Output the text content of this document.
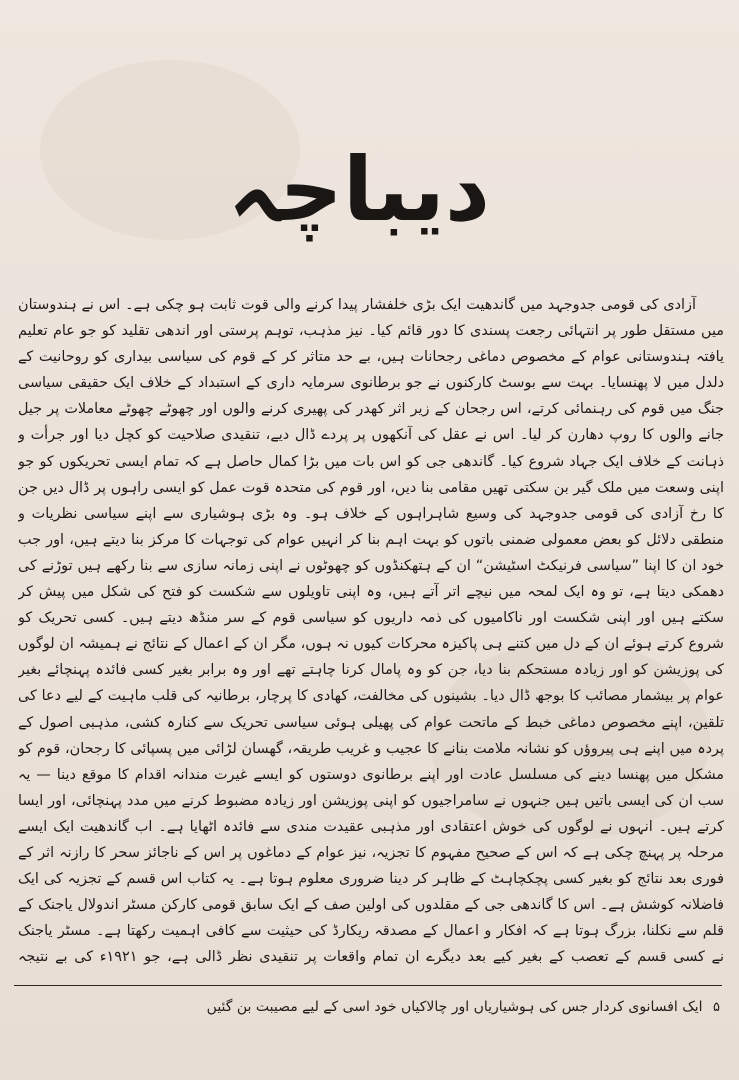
دیباچہ

آزادی کی قومی جدوجہد میں گاندھیت ایک بڑی خلفشار پیدا کرنے والی قوت ثابت ہو چکی ہے۔ اس نے ہندوستان میں مستقل طور پر انتہائی رجعت پسندی کا دور قائم کیا۔ نیز مذہب، توہم پرستی اور اندھی تقلید کو جو عام تعلیم یافتہ ہندوستانی عوام کے مخصوص دماغی رجحانات ہیں، بے حد متاثر کر کے قوم کی سیاسی بیداری کو روحانیت کے دلدل میں لا پھنسایا۔ بہت سے بوسٹ کارکنوں نے جو برطانوی سرمایہ داری کے استبداد کے خلاف ایک حقیقی سیاسی جنگ میں قوم کی رہنمائی کرتے، اس رجحان کے زیر اثر کھدر کی پھیری کرنے والوں اور چھوٹے چھوٹے معاملات پر جیل جانے والوں کا روپ دھارن کر لیا۔ اس نے عقل کی آنکھوں پر پردے ڈال دیے، تنقیدی صلاحیت کو کچل دیا اور جرأت و ذہانت کے خلاف ایک جہاد شروع کیا۔ گاندھی جی کو اس بات میں بڑا کمال حاصل ہے کہ تمام ایسی تحریکوں کو جو اپنی وسعت میں ملک گیر بن سکتی تھیں مقامی بنا دیں، اور قوم کی متحدہ قوت عمل کو ایسی راہوں پر ڈال دیں جن کا رخ آزادی کی قومی جدوجہد کی وسیع شاہراہوں کے خلاف ہو۔ وہ بڑی ہوشیاری سے اپنے سیاسی نظریات و منطقی دلائل کو بعض معمولی ضمنی باتوں کو بہت اہم بنا کر انہیں عوام کی توجہات کا مرکز بنا دیتے ہیں، اور جب خود ان کا اپنا ”سیاسی فرنیکٹ اسٹیشن“ ان کے ہتھکنڈوں کو چھوٹوں نے اپنی زمانہ سازی سے بنا رکھے ہیں توڑنے کی دھمکی دیتا ہے، تو وہ ایک لمحہ میں نیچے اتر آتے ہیں، وہ اپنی تاویلوں سے شکست کو فتح کی شکل میں پیش کر سکتے ہیں اور اپنی شکست اور ناکامیوں کی ذمہ داریوں کو سیاسی قوم کے سر منڈھ دیتے ہیں۔ کسی تحریک کو شروع کرتے ہوئے ان کے دل میں کتنے ہی پاکیزہ محرکات کیوں نہ ہوں، مگر ان کے اعمال کے نتائج نے ہمیشہ ان لوگوں کی پوزیشن کو اور زیادہ مستحکم بنا دیا، جن کو وہ پامال کرنا چاہتے تھے اور وہ برابر بغیر کسی فائدہ پہنچائے بغیر عوام پر بیشمار مصائب کا بوجھ ڈال دیا۔ بشینوں کی مخالفت، کھادی کا پرچار، برطانیہ کی قلب ماہیت کے لیے دعا کی تلقین، اپنے مخصوص دماغی خبط کے ماتحت عوام کی پھیلی ہوئی سیاسی تحریک سے کنارہ کشی، مذہبی اصول کے پردہ میں اپنے ہی پیروؤں کو نشانہ ملامت بنانے کا عجیب و غریب طریقہ، گھسان لڑائی میں پسپائی کا رجحان، قوم کو مشکل میں پھنسا دینے کی مسلسل عادت اور اپنے برطانوی دوستوں کو ایسے غیرت مندانہ اقدام کا موقع دینا — یہ سب ان کی ایسی باتیں ہیں جنہوں نے سامراجیوں کو اپنی پوزیشن اور زیادہ مضبوط کرنے میں مدد پہنچائی، اور ایسا کرتے ہیں۔ انہوں نے لوگوں کی خوش اعتقادی اور مذہبی عقیدت مندی سے فائدہ اٹھایا ہے۔ اب گاندھیت ایک ایسے مرحلہ پر پہنچ چکی ہے کہ اس کے صحیح مفہوم کا تجزیہ، نیز عوام کے دماغوں پر اس کے ناجائز سحر کا رازنہ اثر کے فوری بعد نتائج کو بغیر کسی پچکچاہٹ کے ظاہر کر دینا ضروری معلوم ہوتا ہے۔ یہ کتاب اس قسم کے تجزیہ کی ایک فاضلانہ کوشش ہے۔ اس کا گاندھی جی کے مقلدوں کی اولین صف کے ایک سابق قومی کارکن مسٹر اندولال یاجنک کے قلم سے نکلنا، بزرگ ہوتا ہے کہ افکار و اعمال کے مصدقہ ریکارڈ کی حیثیت سے کافی اہمیت رکھتا ہے۔ مسٹر یاجنک نے کسی قسم کے تعصب کے بغیر کیے بعد دیگرے ان تمام واقعات پر تنقیدی نظر ڈالی ہے، جو ۱۹۲۱ء کی بے نتیجہ

۵ ایک افسانوی کردار جس کی ہوشیاریاں اور چالاکیاں خود اسی کے لیے مصیبت بن گئیں
